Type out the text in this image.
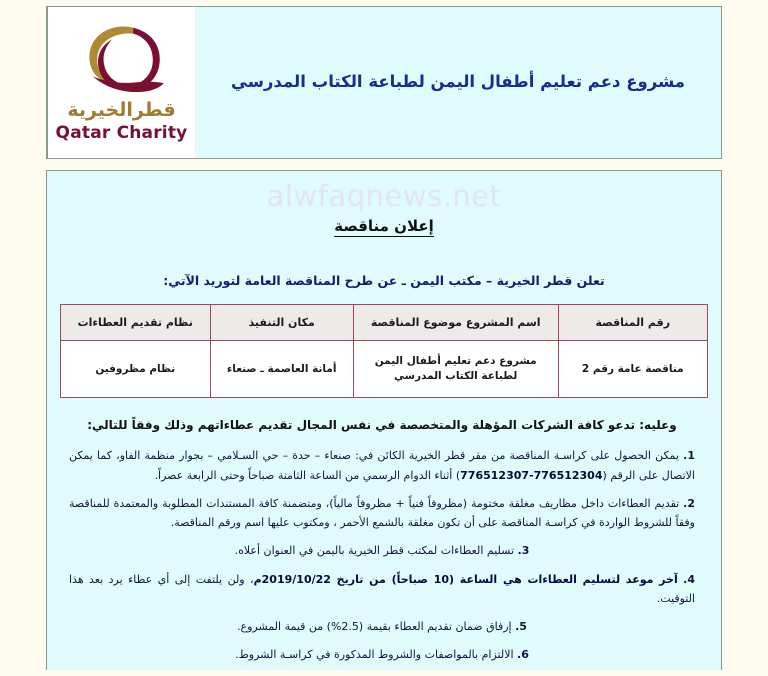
مشروع دعم تعليم أطفال اليمن لطباعة الكتاب المدرسي
قطرالخيرية
Qatar Charity
alwfaqnews.net
إعلان مناقصة
تعلن قطر الخيرية – مكتب اليمن ـ عن طرح المناقصة العامة لتوريد الآتي:
رقم المناقصة	اسم المشروع موضوع المناقصة	مكان التنفيذ	نظام تقديم العطاءات
مناقصة عامة رقم 2	مشروع دعم تعليم أطفال اليمن لطباعة الكتاب المدرسي	أمانة العاصمة ـ صنعاء	نظام مظروفين
وعليه: تدعو كافة الشركات المؤهلة والمتخصصة في نفس المجال تقديم عطاءاتهم وذلك وفقاً للتالي:
1. يمكن الحصول على كراسـة المناقصة من مقر قطر الخيرية الكائن في: صنعاء – حدة – حي السـلامي – بجوار منظمة الفاو، كما يمكن الاتصال على الرقم (776512304-776512307) أثناء الدوام الرسمي من الساعة الثامنة صباحاً وحتى الرابعة عصراً.
2. تقديم العطاءات داخل مظاريف مغلقة مختومة (مظروفاً فنياً + مظروفاً مالياً)، ومتضمنة كافة المستندات المطلوبة والمعتمدة للمناقصة وفقاً للشروط الواردة في كراسـة المناقصة على أن تكون مغلقة بالشمع الأحمر ، ومكتوب عليها اسم ورقم المناقصة.
3. تسليم العطاءات لمكتب قطر الخيرية باليمن في العنوان أعلاه.
4. آخر موعد لتسليم العطاءات هي الساعة (10 صباحاً) من تاريخ 2019/10/22م، ولن يلتفت إلى أي عطاء يرد بعد هذا التوقيت.
5. إرفاق ضمان تقديم العطاء بقيمة (2.5%) من قيمة المشروع.
6. الالتزام بالمواصفات والشروط المذكورة في كراسـة الشروط.
